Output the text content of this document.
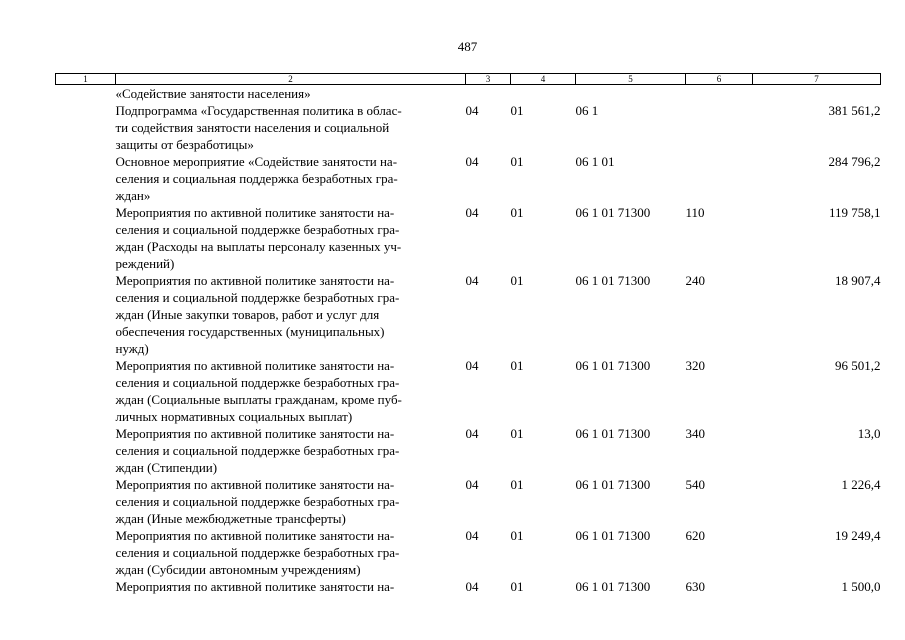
487
1	2	3	4	5	6	7

	«Содействие занятости населения»					

	Подпрограмма «Государственная политика в облас-
ти содействия занятости населения и социальной
защиты от безработицы»	04	01	06 1		381 561,2

	Основное мероприятие «Содействие занятости на-
селения и социальная поддержка безработных гра-
ждан»	04	01	06 1 01		284 796,2

	Мероприятия по активной политике занятости на-
селения и социальной поддержке безработных гра-
ждан (Расходы на выплаты персоналу казенных уч-
реждений)	04	01	06 1 01 71300	110	119 758,1

	Мероприятия по активной политике занятости на-
селения и социальной поддержке безработных гра-
ждан (Иные закупки товаров, работ и услуг для
обеспечения государственных (муниципальных)
нужд)	04	01	06 1 01 71300	240	18 907,4

	Мероприятия по активной политике занятости на-
селения и социальной поддержке безработных гра-
ждан (Социальные выплаты гражданам, кроме пуб-
личных нормативных социальных выплат)	04	01	06 1 01 71300	320	96 501,2

	Мероприятия по активной политике занятости на-
селения и социальной поддержке безработных гра-
ждан (Стипендии)	04	01	06 1 01 71300	340	13,0

	Мероприятия по активной политике занятости на-
селения и социальной поддержке безработных гра-
ждан (Иные межбюджетные трансферты)	04	01	06 1 01 71300	540	1 226,4

	Мероприятия по активной политике занятости на-
селения и социальной поддержке безработных гра-
ждан (Субсидии автономным учреждениям)	04	01	06 1 01 71300	620	19 249,4

	Мероприятия по активной политике занятости на-	04	01	06 1 01 71300	630	1 500,0
